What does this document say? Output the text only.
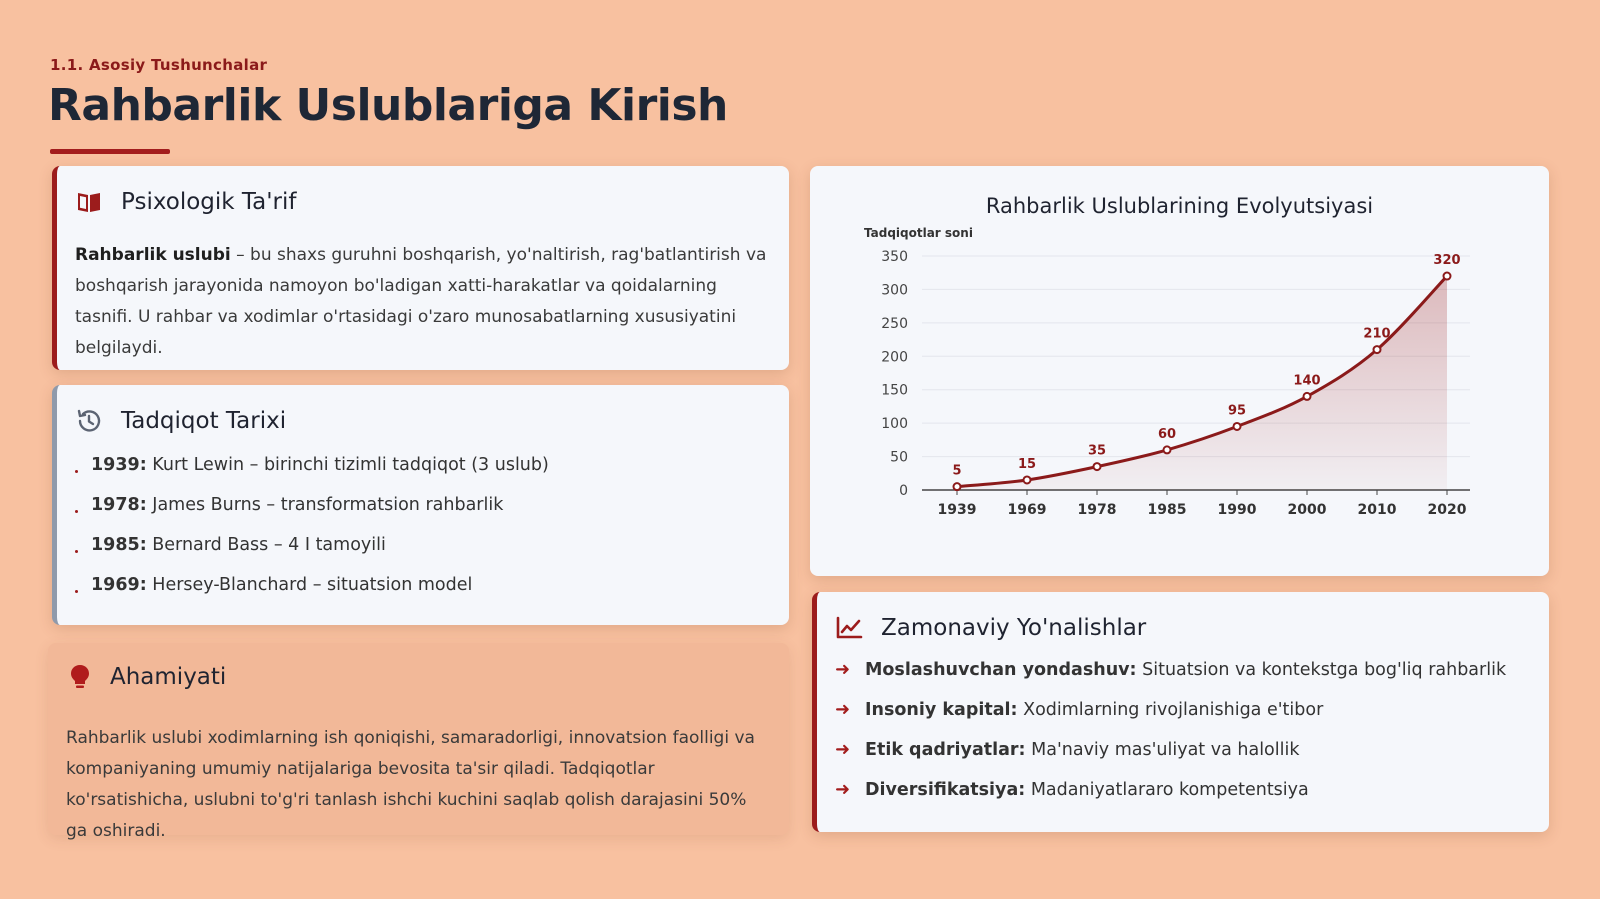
1.1. Asosiy Tushunchalar
Rahbarlik Uslublariga Kirish
Psixologik Ta'rif

Rahbarlik uslubi – bu shaxs guruhni boshqarish, yo'naltirish, rag'batlantirish va boshqarish jarayonida namoyon bo'ladigan xatti-harakatlar va qoidalarning tasnifi. U rahbar va xodimlar o'rtasidagi o'zaro munosabatlarning xususiyatini belgilaydi.

Tadqiqot Tarixi
1939: Kurt Lewin – birinchi tizimli tadqiqot (3 uslub)
1978: James Burns – transformatsion rahbarlik
1985: Bernard Bass – 4 I tamoyili
1969: Hersey-Blanchard – situatsion model
Ahamiyati

Rahbarlik uslubi xodimlarning ish qoniqishi, samaradorligi, innovatsion faolligi va kompaniyaning umumiy natijalariga bevosita ta'sir qiladi. Tadqiqotlar ko'rsatishicha, uslubni to'g'ri tanlash ishchi kuchini saqlab qolish darajasini 50% ga oshiradi.

Rahbarlik Uslublarining Evolyutsiyasi
0
50
100
150
200
250
300
350
1939 1969 1978 1985 1990 2000 2010 2020
5	15
35
60
95
140
210
320
Tadqiqotlar soni
Zamonaviy Yo'nalishlar
➜ Moslashuvchan yondashuv: Situatsion va kontekstga bog'liq rahbarlik
➜ Insoniy kapital: Xodimlarning rivojlanishiga e'tibor
➜ Etik qadriyatlar: Ma'naviy mas'uliyat va halollik
➜ Diversifikatsiya: Madaniyatlararo kompetentsiya
